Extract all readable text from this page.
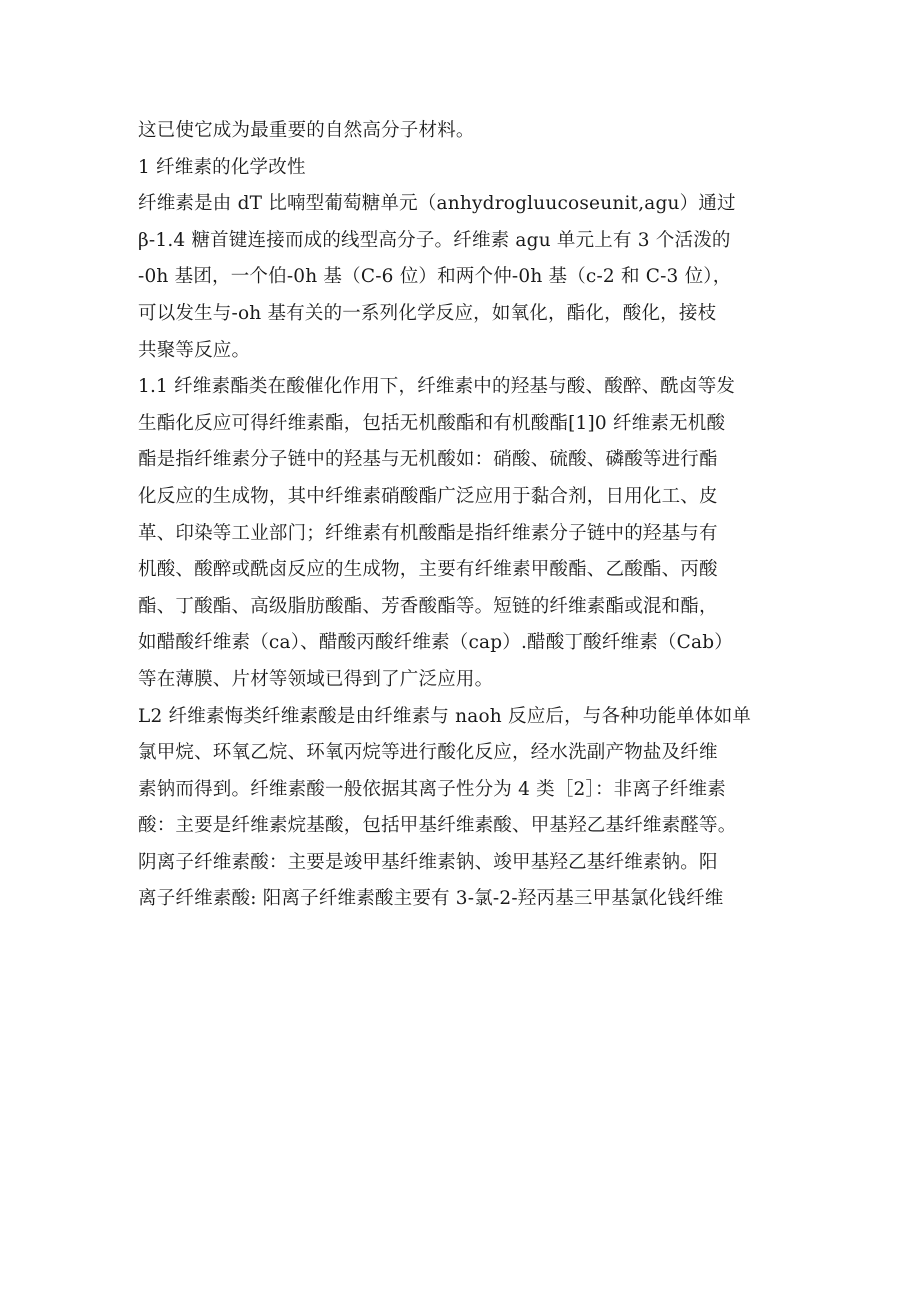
这已使它成为最重要的自然高分子材料。
1 纤维素的化学改性
纤维素是由 dT 比喃型葡萄糖单元（anhydrogluucoseunit,agu）通过
β-1.4 糖首键连接而成的线型高分子。纤维素 agu 单元上有 3 个活泼的
-0h 基团，一个伯-0h 基（C-6 位）和两个仲-0h 基（c-2 和 C-3 位），
可以发生与-oh 基有关的一系列化学反应，如氧化，酯化，酸化，接枝
共聚等反应。
1.1 纤维素酯类在酸催化作用下，纤维素中的羟基与酸、酸醉、酰卤等发
生酯化反应可得纤维素酯，包括无机酸酯和有机酸酯[1]0 纤维素无机酸
酯是指纤维素分子链中的羟基与无机酸如：硝酸、硫酸、磷酸等进行酯
化反应的生成物，其中纤维素硝酸酯广泛应用于黏合剂，日用化工、皮
革、印染等工业部门；纤维素有机酸酯是指纤维素分子链中的羟基与有
机酸、酸醉或酰卤反应的生成物，主要有纤维素甲酸酯、乙酸酯、丙酸
酯、丁酸酯、高级脂肪酸酯、芳香酸酯等。短链的纤维素酯或混和酯，
如醋酸纤维素（ca）、醋酸丙酸纤维素（cap）.醋酸丁酸纤维素（Cab）
等在薄膜、片材等领域已得到了广泛应用。
L2 纤维素悔类纤维素酸是由纤维素与 naoh 反应后，与各种功能单体如单
氯甲烷、环氧乙烷、环氧丙烷等进行酸化反应，经水洗副产物盐及纤维
素钠而得到。纤维素酸一般依据其离子性分为 4 类［2］：非离子纤维素
酸：主要是纤维素烷基酸，包括甲基纤维素酸、甲基羟乙基纤维素醛等。
阴离子纤维素酸：主要是竣甲基纤维素钠、竣甲基羟乙基纤维素钠。阳
离子纤维素酸: 阳离子纤维素酸主要有 3-氯-2-羟丙基三甲基氯化钱纤维
